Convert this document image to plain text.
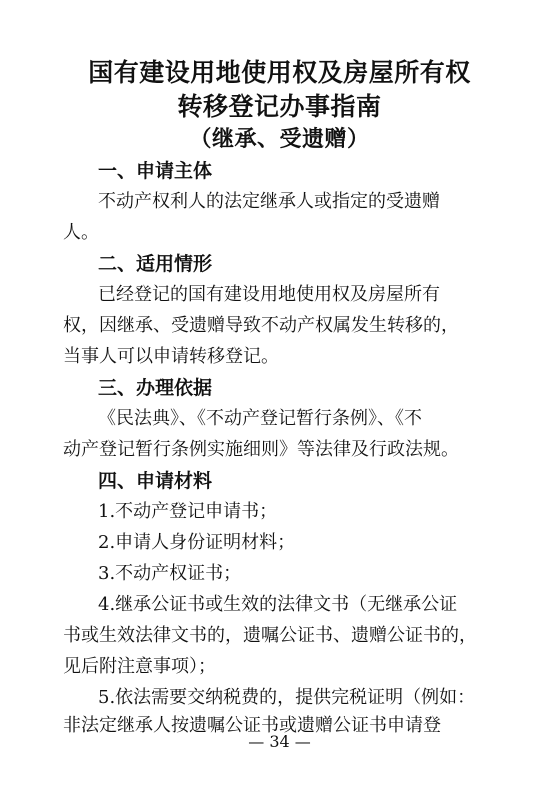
国有建设用地使用权及房屋所有权
转移登记办事指南
（继承、受遗赠）
一、申请主体
不动产权利人的法定继承人或指定的受遗赠
人。
二、适用情形
已经登记的国有建设用地使用权及房屋所有
权，因继承、受遗赠导致不动产权属发生转移的，
当事人可以申请转移登记。
三、办理依据
《民法典》、《不动产登记暂行条例》、《不
动产登记暂行条例实施细则》等法律及行政法规。
四、申请材料
1.不动产登记申请书；
2.申请人身份证明材料；
3.不动产权证书；
4.继承公证书或生效的法律文书（无继承公证
书或生效法律文书的，遗嘱公证书、遗赠公证书的，
见后附注意事项）；
5.依法需要交纳税费的，提供完税证明（例如：
非法定继承人按遗嘱公证书或遗赠公证书申请登
— 34 —
